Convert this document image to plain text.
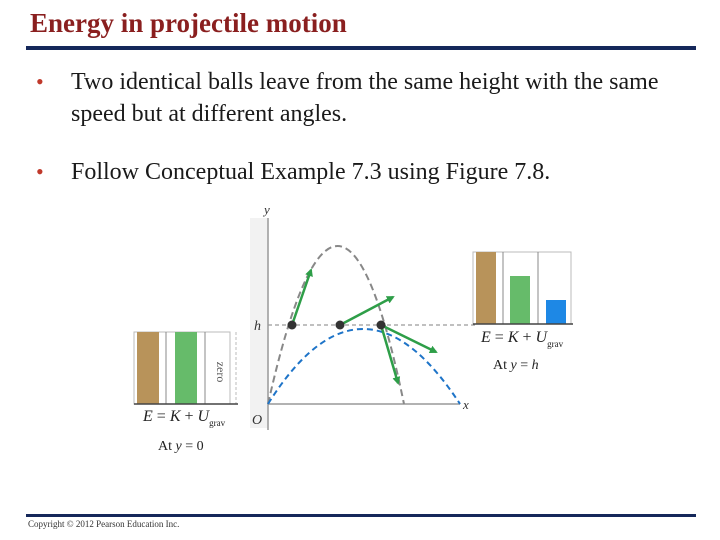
Energy in projectile motion
•	Two identical balls leave from the same height with the same speed but at different angles.
•	Follow Conceptual Example 7.3 using Figure 7.8.
zero
$E = K + U_{grav}$
At y = 0
y
x
O
h
$E = K + U_{grav}$
At y = h
Copyright © 2012 Pearson Education Inc.
